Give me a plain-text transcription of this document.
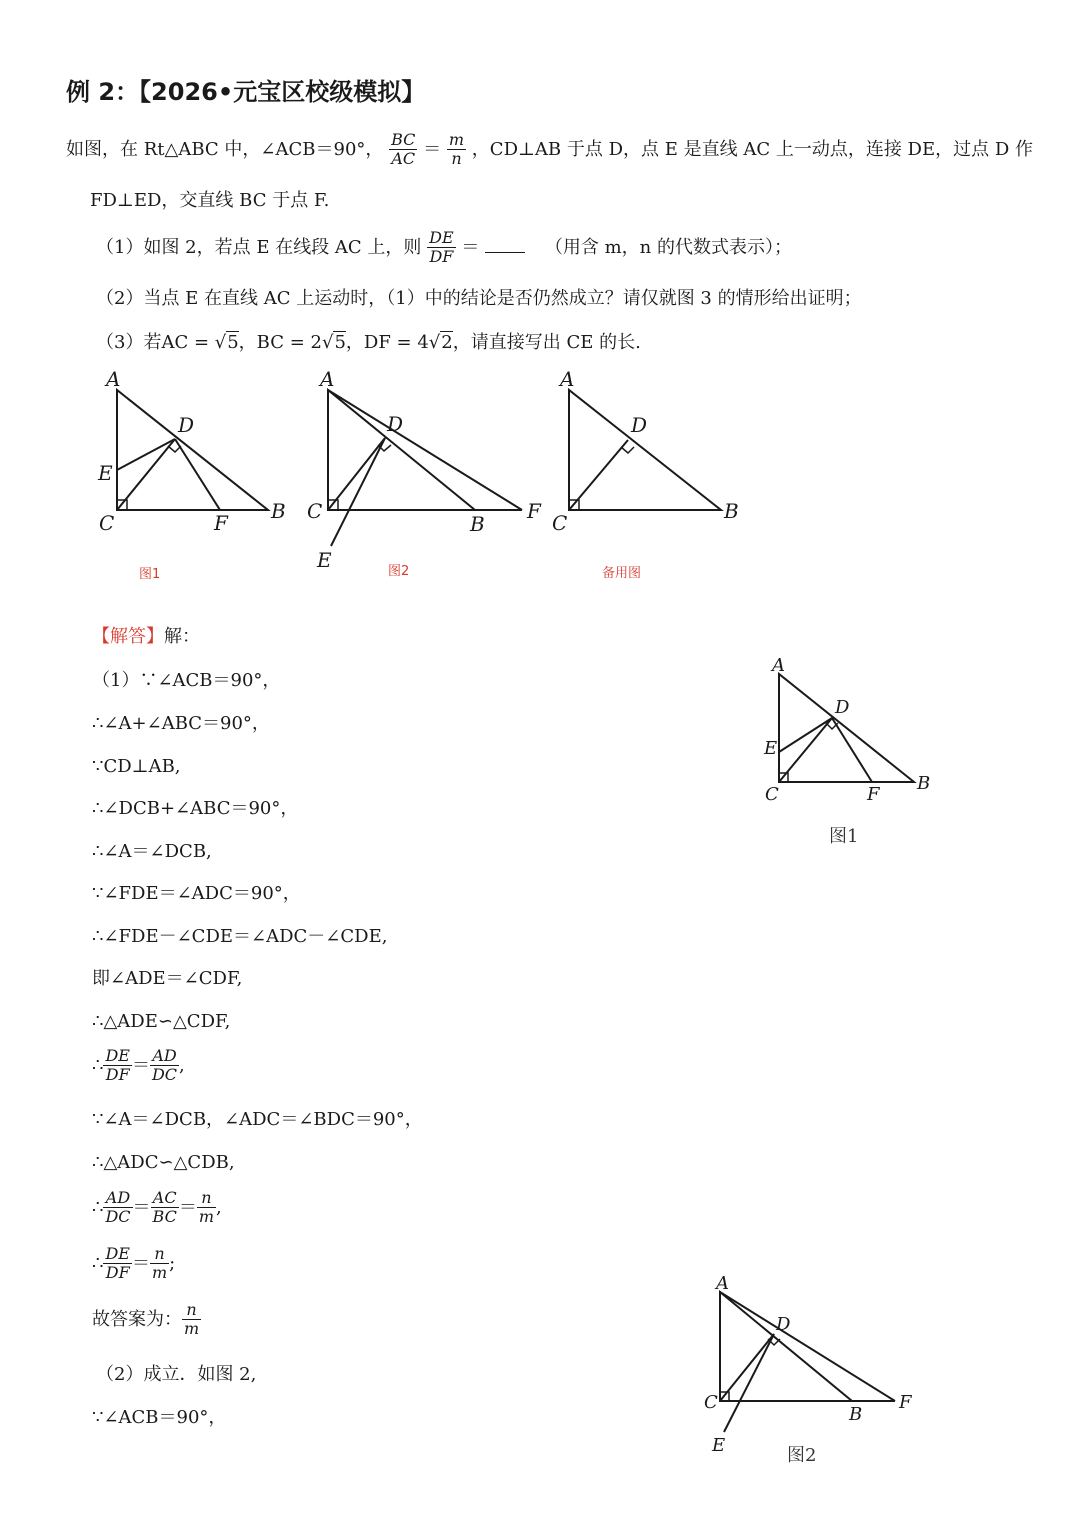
例 2：【2026•元宝区校级模拟】
如图，在 Rt△ABC 中，∠ACB＝90°， $\frac{BC}{AC} = \frac{m}{n}$ ，CD⊥AB 于点 D，点 E 是直线 AC 上一动点，连接 DE，过点 D 作
FD⊥ED，交直线 BC 于点 F.
（1）如图 2，若点 E 在线段 AC 上，则 $\frac{DE}{DF}$ ＝	（用含 m，n 的代数式表示）；
（2）当点 E 在直线 AC 上运动时，（1）中的结论是否仍然成立？请仅就图 3 的情形给出证明；
（3）若AC = √5，BC = 2√5，DF = 4√2，请直接写出 CE 的长.
A
D
E
C	F B
A
D
C
B
F
E
A
D
C	B
图1	图2	备用图
【解答】解：
（1）∵∠ACB＝90°，
∴∠A+∠ABC＝90°，
∵CD⊥AB,
∴∠DCB+∠ABC＝90°，
∴∠A＝∠DCB,
∵∠FDE＝∠ADC＝90°，
∴∠FDE－∠CDE＝∠ADC－∠CDE,
即∠ADE＝∠CDF,
∴△ADE∽△CDF,
∴ $\frac{DE}{DF} = \frac{AD}{DC}$ ,
∵∠A＝∠DCB，∠ADC＝∠BDC＝90°，
∴△ADC∽△CDB,
∴ $\frac{AD}{DC} = \frac{AC}{BC} = \frac{n}{m}$ ,
∴ $\frac{DE}{DF} = \frac{n}{m}$ ;
故答案为： $\frac{n}{m}$
（2）成立．如图 2,
∵∠ACB＝90°，
A
D
E
C	F
B
A
D
C
B
F
E
图1
图2
